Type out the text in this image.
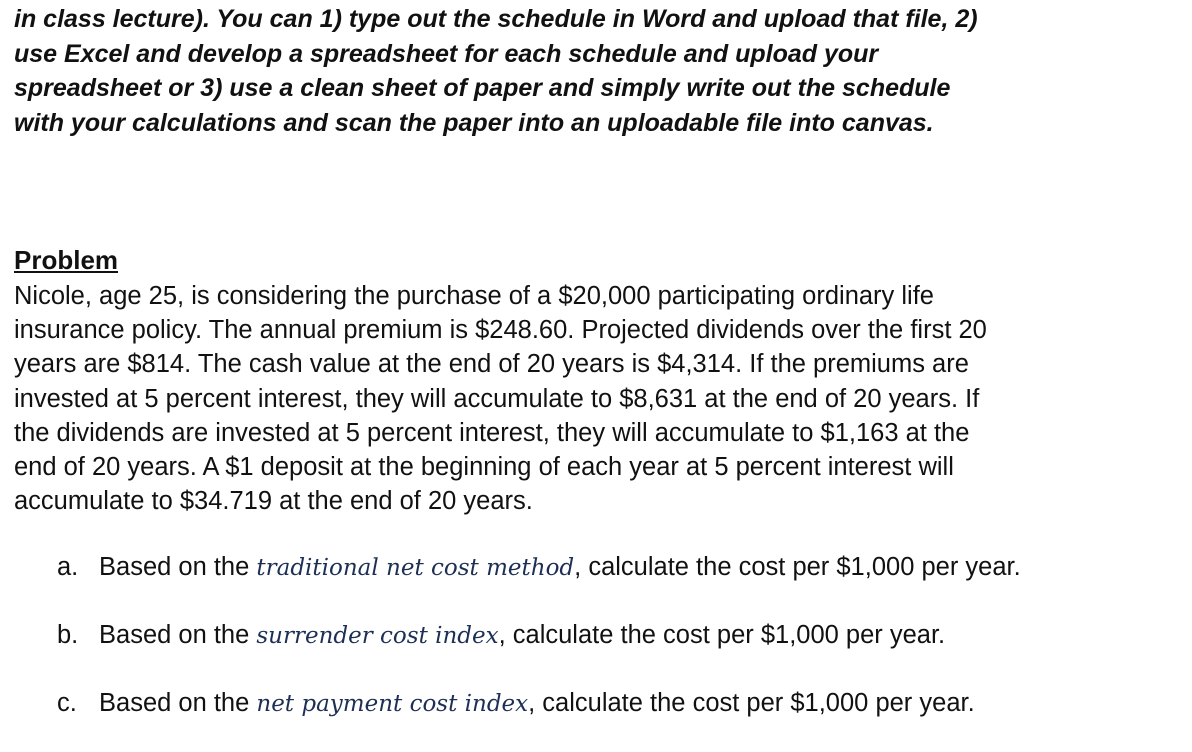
in class lecture). You can 1) type out the schedule in Word and upload that file, 2)
use Excel and develop a spreadsheet for each schedule and upload your
spreadsheet or 3) use a clean sheet of paper and simply write out the schedule
with your calculations and scan the paper into an uploadable file into canvas.
Problem
Nicole, age 25, is considering the purchase of a $20,000 participating ordinary life
insurance policy. The annual premium is $248.60. Projected dividends over the first 20
years are $814. The cash value at the end of 20 years is $4,314. If the premiums are
invested at 5 percent interest, they will accumulate to $8,631 at the end of 20 years. If
the dividends are invested at 5 percent interest, they will accumulate to $1,163 at the
end of 20 years. A $1 deposit at the beginning of each year at 5 percent interest will
accumulate to $34.719 at the end of 20 years.
a. Based on the traditional net cost method, calculate the cost per $1,000 per year.
b. Based on the surrender cost index, calculate the cost per $1,000 per year.
c. Based on the net payment cost index, calculate the cost per $1,000 per year.
